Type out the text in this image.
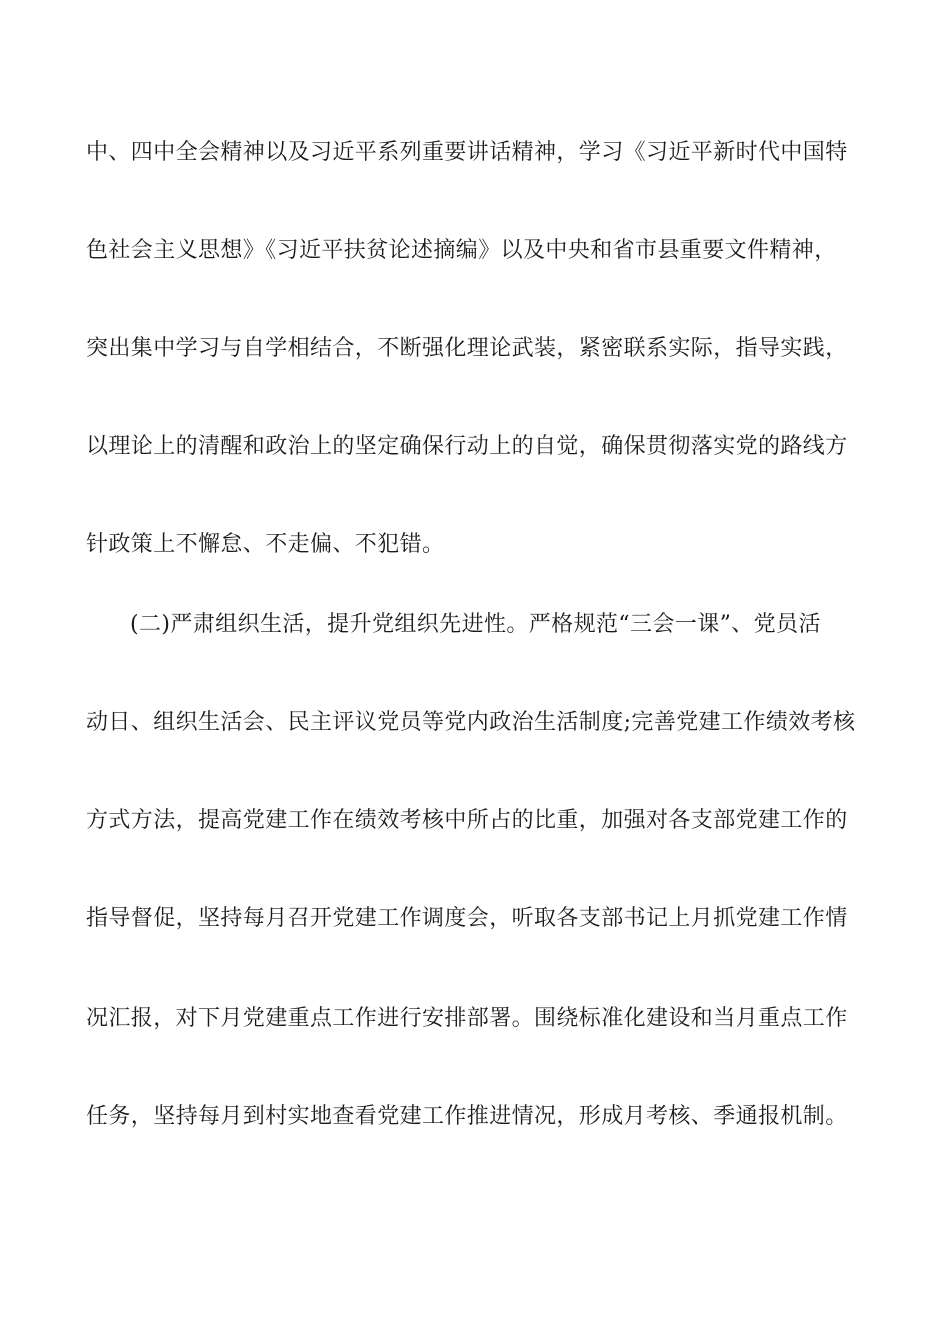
中、四中全会精神以及习近平系列重要讲话精神，学习《习近平新时代中国特
色社会主义思想》《习近平扶贫论述摘编》以及中央和省市县重要文件精神，
突出集中学习与自学相结合，不断强化理论武装，紧密联系实际，指导实践，
以理论上的清醒和政治上的坚定确保行动上的自觉，确保贯彻落实党的路线方
针政策上不懈怠、不走偏、不犯错。
(二)严肃组织生活，提升党组织先进性。严格规范“三会一课”、党员活
动日、组织生活会、民主评议党员等党内政治生活制度;完善党建工作绩效考核
方式方法，提高党建工作在绩效考核中所占的比重，加强对各支部党建工作的
指导督促，坚持每月召开党建工作调度会，听取各支部书记上月抓党建工作情
况汇报，对下月党建重点工作进行安排部署。围绕标准化建设和当月重点工作
任务，坚持每月到村实地查看党建工作推进情况，形成月考核、季通报机制。
